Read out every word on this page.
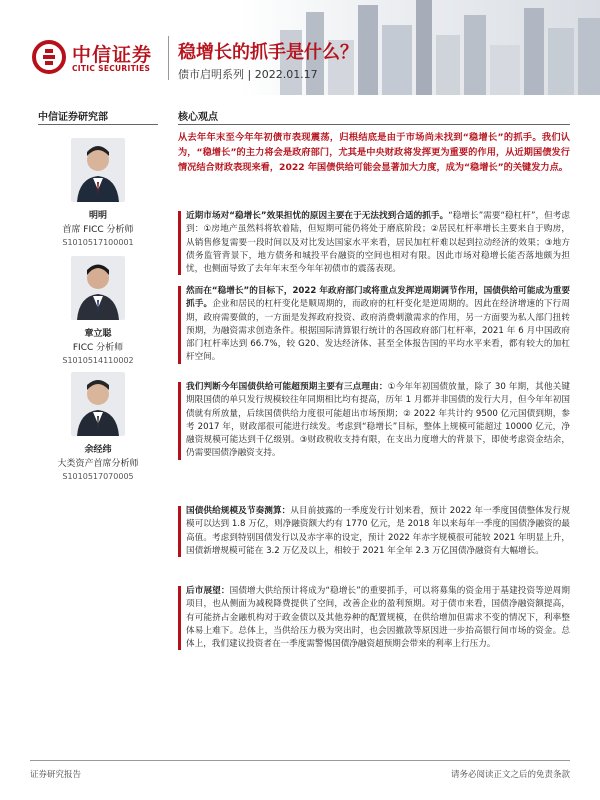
中信证券
CITIC SECURITIES
稳增长的抓手是什么？
债市启明系列 | 2022.01.17
中信证券研究部
明明
首席 FICC 分析师
S1010517100001
章立聪
FICC 分析师
S1010514110002
余经纬
大类资产首席分析师
S1010517070005
核心观点
从去年年末至今年年初债市表现震荡，归根结底是由于市场尚未找到“稳增长”的抓手。我们认为，“稳增长”的主力将会是政府部门，尤其是中央财政将发挥更为重要的作用，从近期国债发行情况结合财政表现来看，2022 年国债供给可能会显著加大力度，成为“稳增长”的关键发力点。
近期市场对“稳增长”效果担忧的原因主要在于无法找到合适的抓手。“稳增长”需要“稳杠杆”，但考虑到：①房地产虽然料将软着陆，但短期可能仍将处于磨底阶段；②居民杠杆率增长主要来自于购房，从销售修复需要一段时间以及对比发达国家水平来看，居民加杠杆难以起到拉动经济的效果；③地方债务监管背景下，地方债务和城投平台融资的空间也相对有限。因此市场对稳增长能否落地颇为担忧，也侧面导致了去年年末至今年年初债市的震荡表现。
然而在“稳增长”的目标下，2022 年政府部门或将重点发挥逆周期调节作用，国债供给可能成为重要抓手。企业和居民的杠杆变化是顺周期的，而政府的杠杆变化是逆周期的。因此在经济增速的下行周期，政府需要做的，一方面是发挥政府投资、政府消费刺激需求的作用，另一方面要为私人部门扭转预期，为融资需求创造条件。根据国际清算银行统计的各国政府部门杠杆率，2021 年 6 月中国政府部门杠杆率达到 66.7%，较 G20、发达经济体、甚至全体报告国的平均水平来看，都有较大的加杠杆空间。
我们判断今年国债供给可能超预期主要有三点理由：①今年年初国债放量，除了 30 年期，其他关键期限国债的单只发行规模较往年同期相比均有提高，历年 1 月都并非国债的发行大月，但今年年初国债就有所放量，后续国债供给力度很可能超出市场预期；② 2022 年共计约 9500 亿元国债到期，参考 2017 年，财政部很可能进行续发。考虑到“稳增长”目标，整体上规模可能超过 10000 亿元，净融资规模可能达到千亿级别。③财政税收支持有限，在支出力度增大的背景下，即使考虑资金结余，仍需要国债净融资支持。
国债供给规模及节奏测算：从目前披露的一季度发行计划来看，预计 2022 年一季度国债整体发行规模可以达到 1.8 万亿，则净融资额大约有 1770 亿元，是 2018 年以来每年一季度的国债净融资的最高值。考虑到特别国债发行以及赤字率的设定，预计 2022 年赤字规模很可能较 2021 年明显上升，国债新增规模可能在 3.2 万亿及以上，相较于 2021 年全年 2.3 万亿国债净融资有大幅增长。
后市展望：国债增大供给预计将成为“稳增长”的重要抓手，可以将募集的资金用于基建投资等逆周期项目，也从侧面为减税降费提供了空间，改善企业的盈利预期。对于债市来看，国债净融资额提高，有可能挤占金融机构对于政金债以及其他券种的配置规模，在供给增加但需求不变的情况下，利率整体易上难下。总体上，当供给压力极为突出时，也会因撤款等原因进一步抬高银行间市场的资金。总体上，我们建议投资者在一季度需警惕国债净融资超预期会带来的利率上行压力。
证券研究报告	请务必阅读正文之后的免责条款
